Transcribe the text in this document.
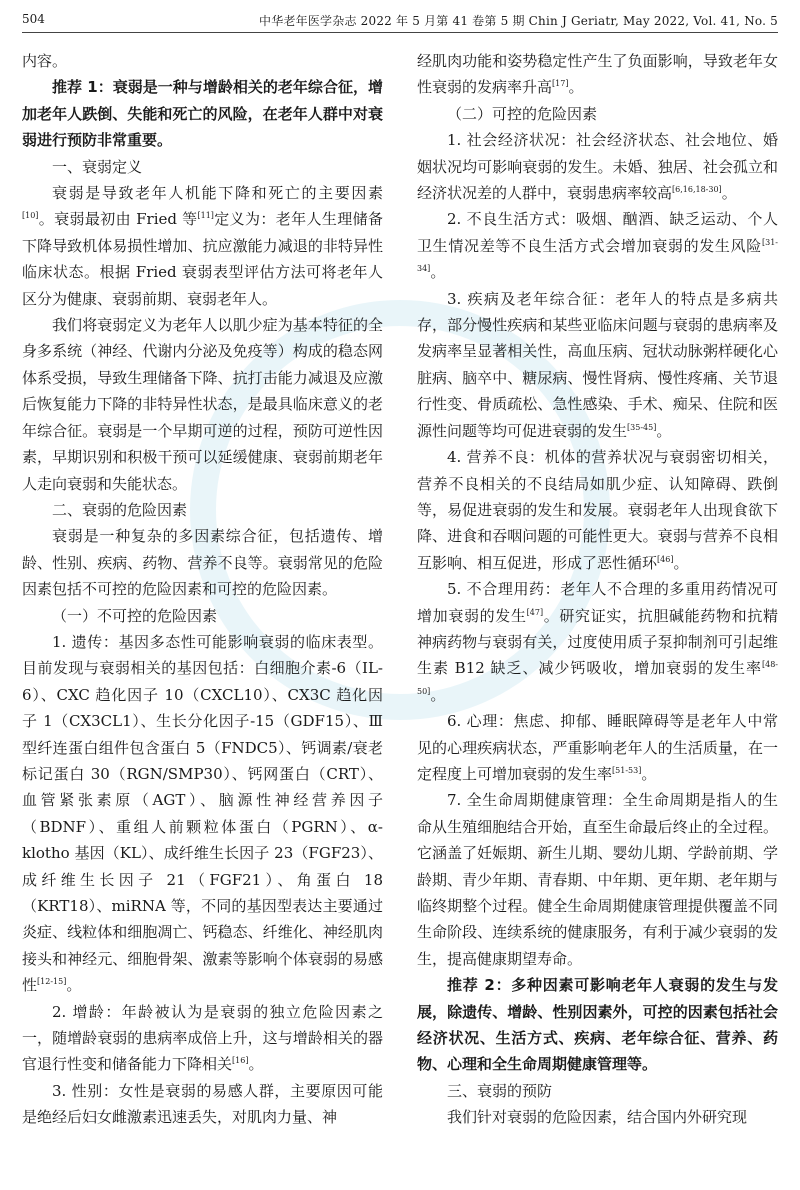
504	中华老年医学杂志 2022 年 5 月第 41 卷第 5 期 Chin J Geriatr, May 2022, Vol. 41, No. 5

内容。

推荐 1：衰弱是一种与增龄相关的老年综合征，增加老年人跌倒、失能和死亡的风险，在老年人群中对衰弱进行预防非常重要。

一、衰弱定义

衰弱是导致老年人机能下降和死亡的主要因素[10]。衰弱最初由 Fried 等[11]定义为：老年人生理储备下降导致机体易损性增加、抗应激能力减退的非特异性临床状态。根据 Fried 衰弱表型评估方法可将老年人区分为健康、衰弱前期、衰弱老年人。

我们将衰弱定义为老年人以肌少症为基本特征的全身多系统（神经、代谢内分泌及免疫等）构成的稳态网体系受损，导致生理储备下降、抗打击能力减退及应激后恢复能力下降的非特异性状态，是最具临床意义的老年综合征。衰弱是一个早期可逆的过程，预防可逆性因素，早期识别和积极干预可以延缓健康、衰弱前期老年人走向衰弱和失能状态。

二、衰弱的危险因素

衰弱是一种复杂的多因素综合征，包括遗传、增龄、性别、疾病、药物、营养不良等。衰弱常见的危险因素包括不可控的危险因素和可控的危险因素。

（一）不可控的危险因素

1. 遗传：基因多态性可能影响衰弱的临床表型。目前发现与衰弱相关的基因包括：白细胞介素-6（IL-6）、CXC 趋化因子 10（CXCL10）、CX3C 趋化因子 1（CX3CL1）、生长分化因子-15（GDF15）、Ⅲ型纤连蛋白组件包含蛋白 5（FNDC5）、钙调素/衰老标记蛋白 30（RGN/SMP30）、钙网蛋白（CRT）、血管紧张素原（AGT）、脑源性神经营养因子（BDNF）、重组人前颗粒体蛋白（PGRN）、α-klotho 基因（KL）、成纤维生长因子 23（FGF23）、成纤维生长因子 21（FGF21）、角蛋白 18（KRT18）、miRNA 等，不同的基因型表达主要通过炎症、线粒体和细胞凋亡、钙稳态、纤维化、神经肌肉接头和神经元、细胞骨架、激素等影响个体衰弱的易感性[12-15]。

2. 增龄：年龄被认为是衰弱的独立危险因素之一，随增龄衰弱的患病率成倍上升，这与增龄相关的器官退行性变和储备能力下降相关[16]。

3. 性别：女性是衰弱的易感人群，主要原因可能是绝经后妇女雌激素迅速丢失，对肌肉力量、神

经肌肉功能和姿势稳定性产生了负面影响，导致老年女性衰弱的发病率升高[17]。

（二）可控的危险因素

1. 社会经济状况：社会经济状态、社会地位、婚姻状况均可影响衰弱的发生。未婚、独居、社会孤立和经济状况差的人群中，衰弱患病率较高[6,16,18-30]。

2. 不良生活方式：吸烟、酗酒、缺乏运动、个人卫生情况差等不良生活方式会增加衰弱的发生风险[31-34]。

3. 疾病及老年综合征：老年人的特点是多病共存，部分慢性疾病和某些亚临床问题与衰弱的患病率及发病率呈显著相关性，高血压病、冠状动脉粥样硬化心脏病、脑卒中、糖尿病、慢性肾病、慢性疼痛、关节退行性变、骨质疏松、急性感染、手术、痴呆、住院和医源性问题等均可促进衰弱的发生[35-45]。

4. 营养不良：机体的营养状况与衰弱密切相关，营养不良相关的不良结局如肌少症、认知障碍、跌倒等，易促进衰弱的发生和发展。衰弱老年人出现食欲下降、进食和吞咽问题的可能性更大。衰弱与营养不良相互影响、相互促进，形成了恶性循环[46]。

5. 不合理用药：老年人不合理的多重用药情况可增加衰弱的发生[47]。研究证实，抗胆碱能药物和抗精神病药物与衰弱有关，过度使用质子泵抑制剂可引起维生素 B12 缺乏、减少钙吸收，增加衰弱的发生率[48-50]。

6. 心理：焦虑、抑郁、睡眠障碍等是老年人中常见的心理疾病状态，严重影响老年人的生活质量，在一定程度上可增加衰弱的发生率[51-53]。

7. 全生命周期健康管理：全生命周期是指人的生命从生殖细胞结合开始，直至生命最后终止的全过程。它涵盖了妊娠期、新生儿期、婴幼儿期、学龄前期、学龄期、青少年期、青春期、中年期、更年期、老年期与临终期整个过程。健全生命周期健康管理提供覆盖不同生命阶段、连续系统的健康服务，有利于减少衰弱的发生，提高健康期望寿命。

推荐 2：多种因素可影响老年人衰弱的发生与发展，除遗传、增龄、性别因素外，可控的因素包括社会经济状况、生活方式、疾病、老年综合征、营养、药物、心理和全生命周期健康管理等。

三、衰弱的预防

我们针对衰弱的危险因素，结合国内外研究现
